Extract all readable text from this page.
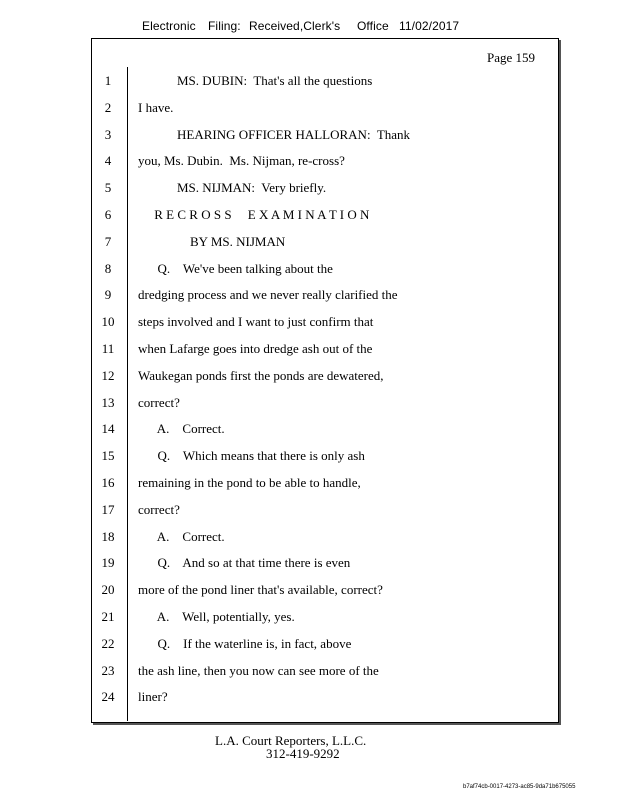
Electronic Filing: Received,Clerk's Office 11/02/2017
Page 159
1	MS. DUBIN:  That's all the questions
2	I have.
3	HEARING OFFICER HALLORAN:  Thank
4	you, Ms. Dubin.  Ms. Nijman, re-cross?
5	MS. NIJMAN:  Very briefly.
6	R E C R O S S     E X A M I N A T I O N
7	BY MS. NIJMAN
8	Q.    We've been talking about the
9	dredging process and we never really clarified the
10 steps involved and I want to just confirm that
11 when Lafarge goes into dredge ash out of the
12 Waukegan ponds first the ponds are dewatered,
13 correct?
14 A.    Correct.
15 Q.    Which means that there is only ash
16 remaining in the pond to be able to handle,
17 correct?
18 A.    Correct.
19 Q.    And so at that time there is even
20 more of the pond liner that's available, correct?
21 A.    Well, potentially, yes.
22 Q.    If the waterline is, in fact, above
23 the ash line, then you now can see more of the
24 liner?
L.A. Court Reporters, L.L.C.
312-419-9292
b7af74cb-0017-4273-ac85-9da71b675055
